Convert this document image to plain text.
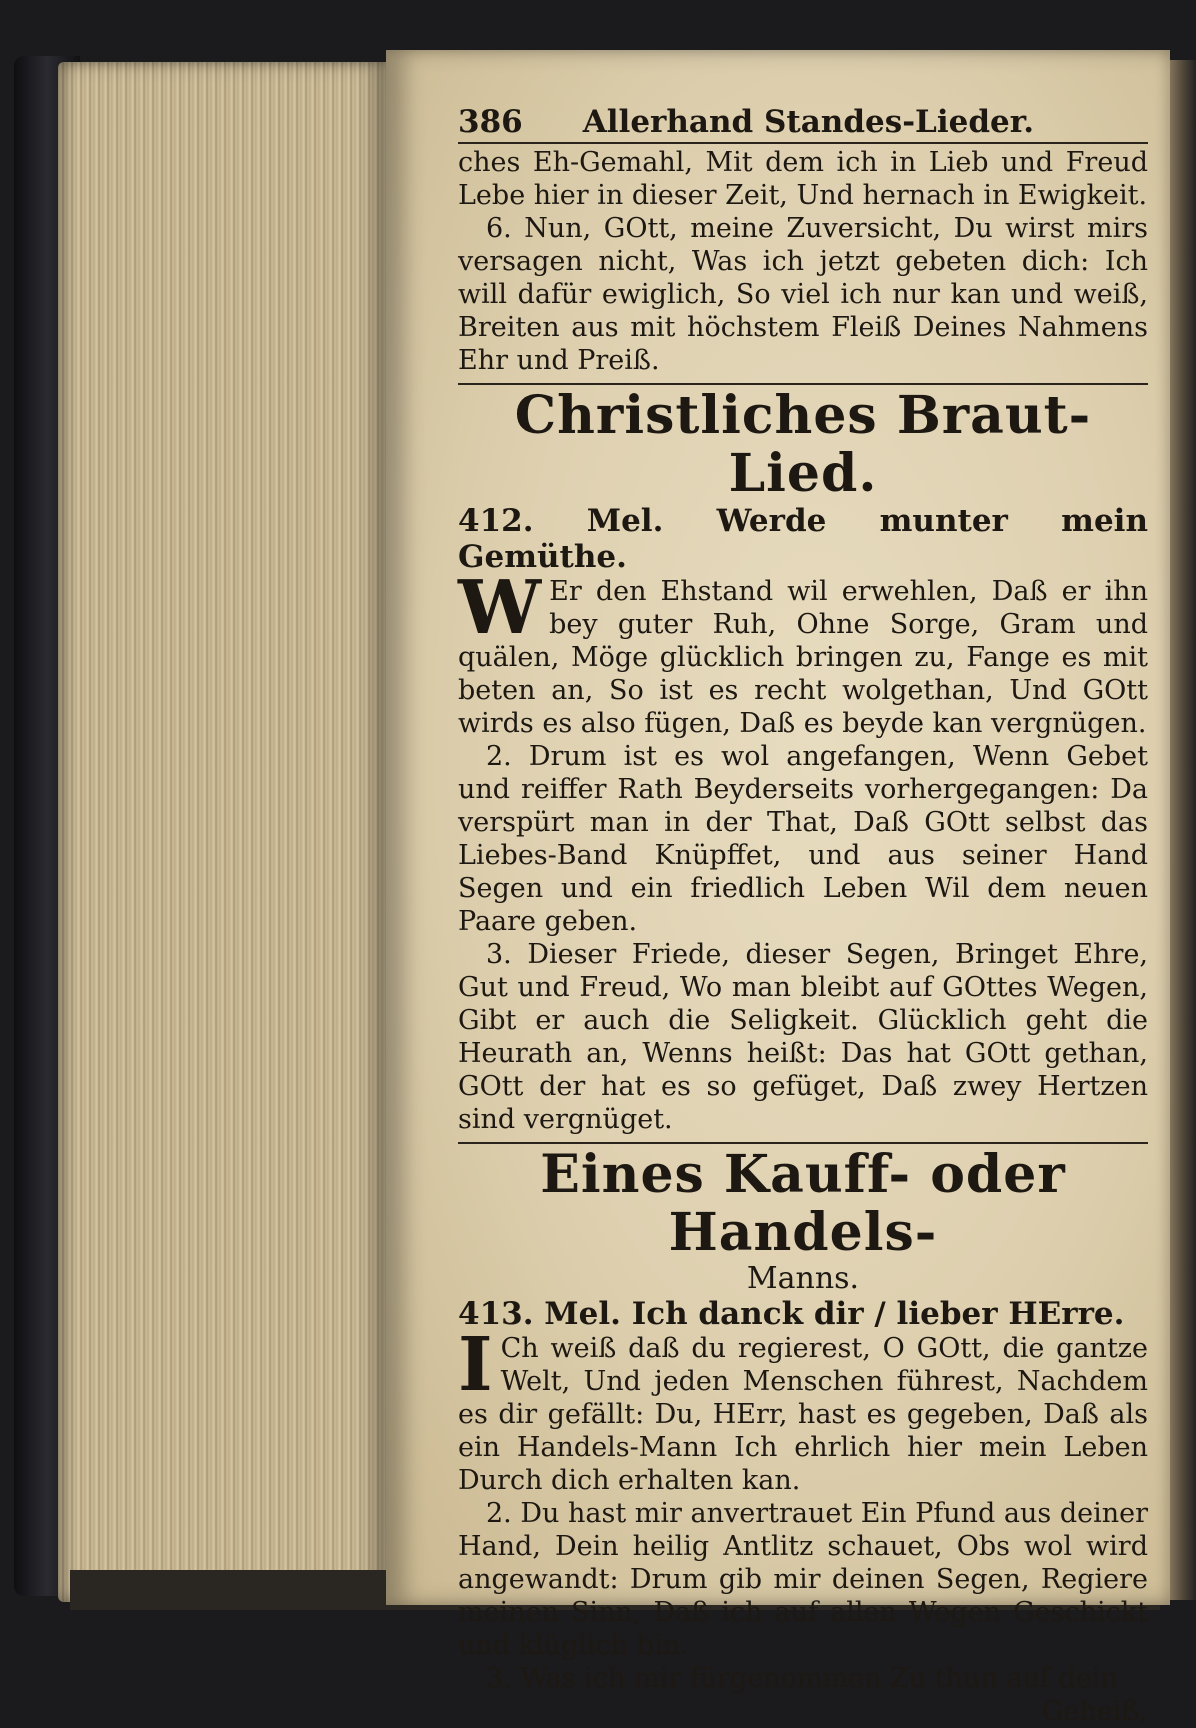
386 Allerhand Standes-Lieder.

ches Eh-Gemahl, Mit dem ich in Lieb und Freud Lebe hier in dieser Zeit, Und hernach in Ewigkeit.

6. Nun, GOtt, meine Zuversicht, Du wirst mirs versagen nicht, Was ich jetzt gebeten dich: Ich will dafür ewiglich, So viel ich nur kan und weiß, Breiten aus mit höchstem Fleiß Deines Nahmens Ehr und Preiß.

Christliches Braut-Lied.

412. Mel. Werde munter mein Gemüthe.

W Er den Ehstand wil erwehlen, Daß er ihn bey guter Ruh, Ohne Sorge, Gram und quälen, Möge glücklich bringen zu, Fange es mit beten an, So ist es recht wolgethan, Und GOtt wirds es also fügen, Daß es beyde kan vergnügen.

2. Drum ist es wol angefangen, Wenn Gebet und reiffer Rath Beyderseits vorhergegangen: Da verspürt man in der That, Daß GOtt selbst das Liebes-Band Knüpffet, und aus seiner Hand Segen und ein friedlich Leben Wil dem neuen Paare geben.

3. Dieser Friede, dieser Segen, Bringet Ehre, Gut und Freud, Wo man bleibt auf GOttes Wegen, Gibt er auch die Seligkeit. Glücklich geht die Heurath an, Wenns heißt: Das hat GOtt gethan, GOtt der hat es so gefüget, Daß zwey Hertzen sind vergnüget.

Eines Kauff- oder Handels-
Manns.

413. Mel. Ich danck dir / lieber HErre.

I Ch weiß daß du regierest, O GOtt, die gantze Welt, Und jeden Menschen führest, Nachdem es dir gefällt: Du, HErr, hast es gegeben, Daß als ein Handels-Mann Ich ehrlich hier mein Leben Durch dich erhalten kan.

2. Du hast mir anvertrauet Ein Pfund aus deiner Hand, Dein heilig Antlitz schauet, Obs wol wird angewandt: Drum gib mir deinen Segen, Regiere meinen Sinn, Daß ich auf allen Wegen Geschickt und klüglich bin.

3. Was ich mir fürgenommen Zu thun auf dein

Geheiß,
